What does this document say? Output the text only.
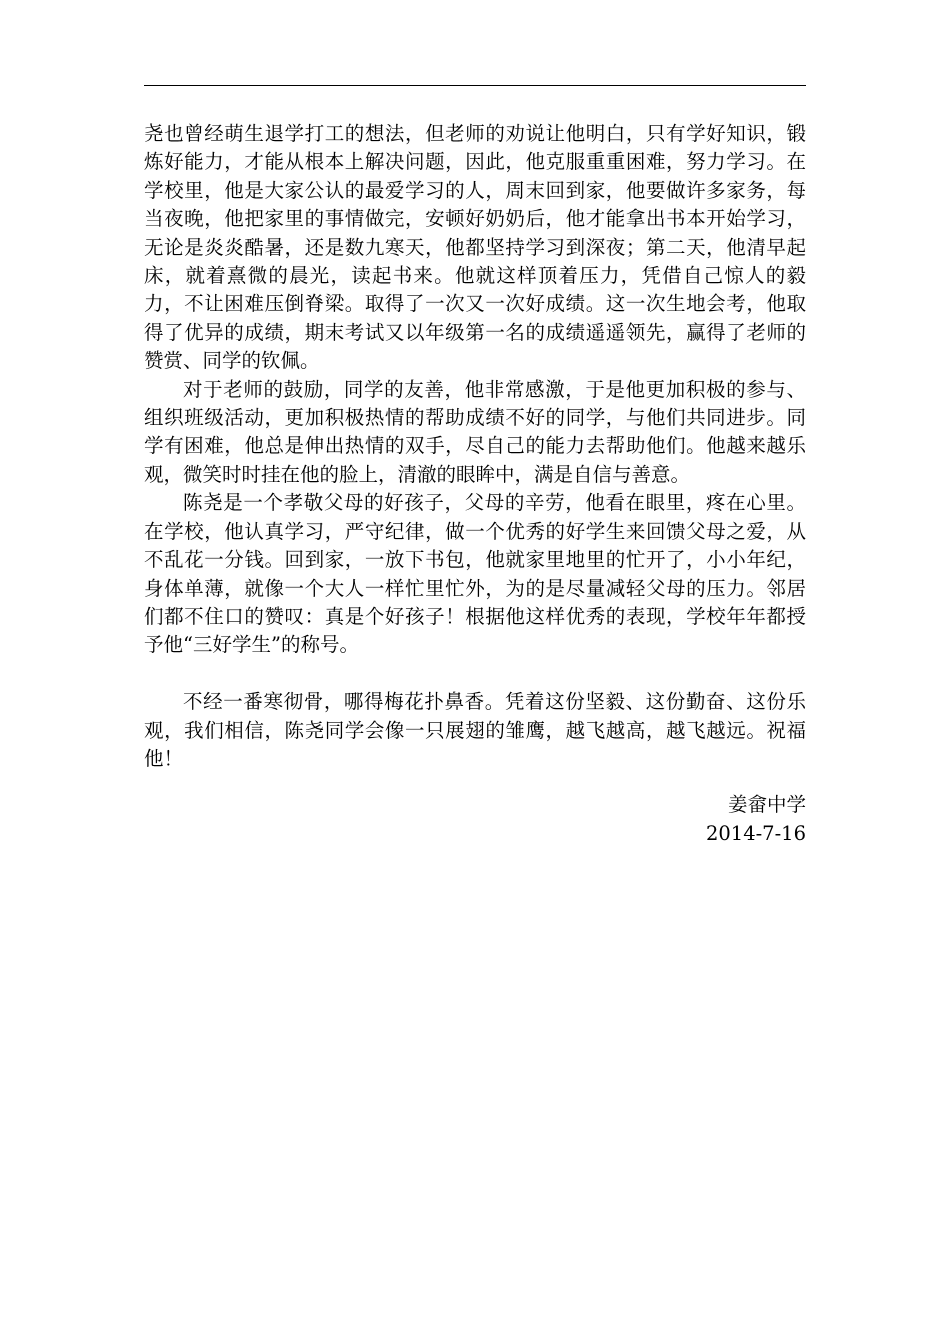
尧也曾经萌生退学打工的想法，但老师的劝说让他明白，只有学好知识，锻炼好能力，才能从根本上解决问题，因此，他克服重重困难，努力学习。在学校里，他是大家公认的最爱学习的人，周末回到家，他要做许多家务，每当夜晚，他把家里的事情做完，安顿好奶奶后，他才能拿出书本开始学习，无论是炎炎酷暑，还是数九寒天，他都坚持学习到深夜；第二天，他清早起床，就着熹微的晨光，读起书来。他就这样顶着压力，凭借自己惊人的毅力，不让困难压倒脊梁。取得了一次又一次好成绩。这一次生地会考，他取得了优异的成绩，期末考试又以年级第一名的成绩遥遥领先，赢得了老师的赞赏、同学的钦佩。

对于老师的鼓励，同学的友善，他非常感激，于是他更加积极的参与、组织班级活动，更加积极热情的帮助成绩不好的同学，与他们共同进步。同学有困难，他总是伸出热情的双手，尽自己的能力去帮助他们。他越来越乐观，微笑时时挂在他的脸上，清澈的眼眸中，满是自信与善意。

陈尧是一个孝敬父母的好孩子，父母的辛劳，他看在眼里，疼在心里。在学校，他认真学习，严守纪律，做一个优秀的好学生来回馈父母之爱，从不乱花一分钱。回到家，一放下书包，他就家里地里的忙开了，小小年纪，身体单薄，就像一个大人一样忙里忙外，为的是尽量减轻父母的压力。邻居们都不住口的赞叹：真是个好孩子！根据他这样优秀的表现，学校年年都授予他“三好学生”的称号。

不经一番寒彻骨，哪得梅花扑鼻香。凭着这份坚毅、这份勤奋、这份乐观，我们相信，陈尧同学会像一只展翅的雏鹰，越飞越高，越飞越远。祝福他！

姜畲中学

2014-7-16
